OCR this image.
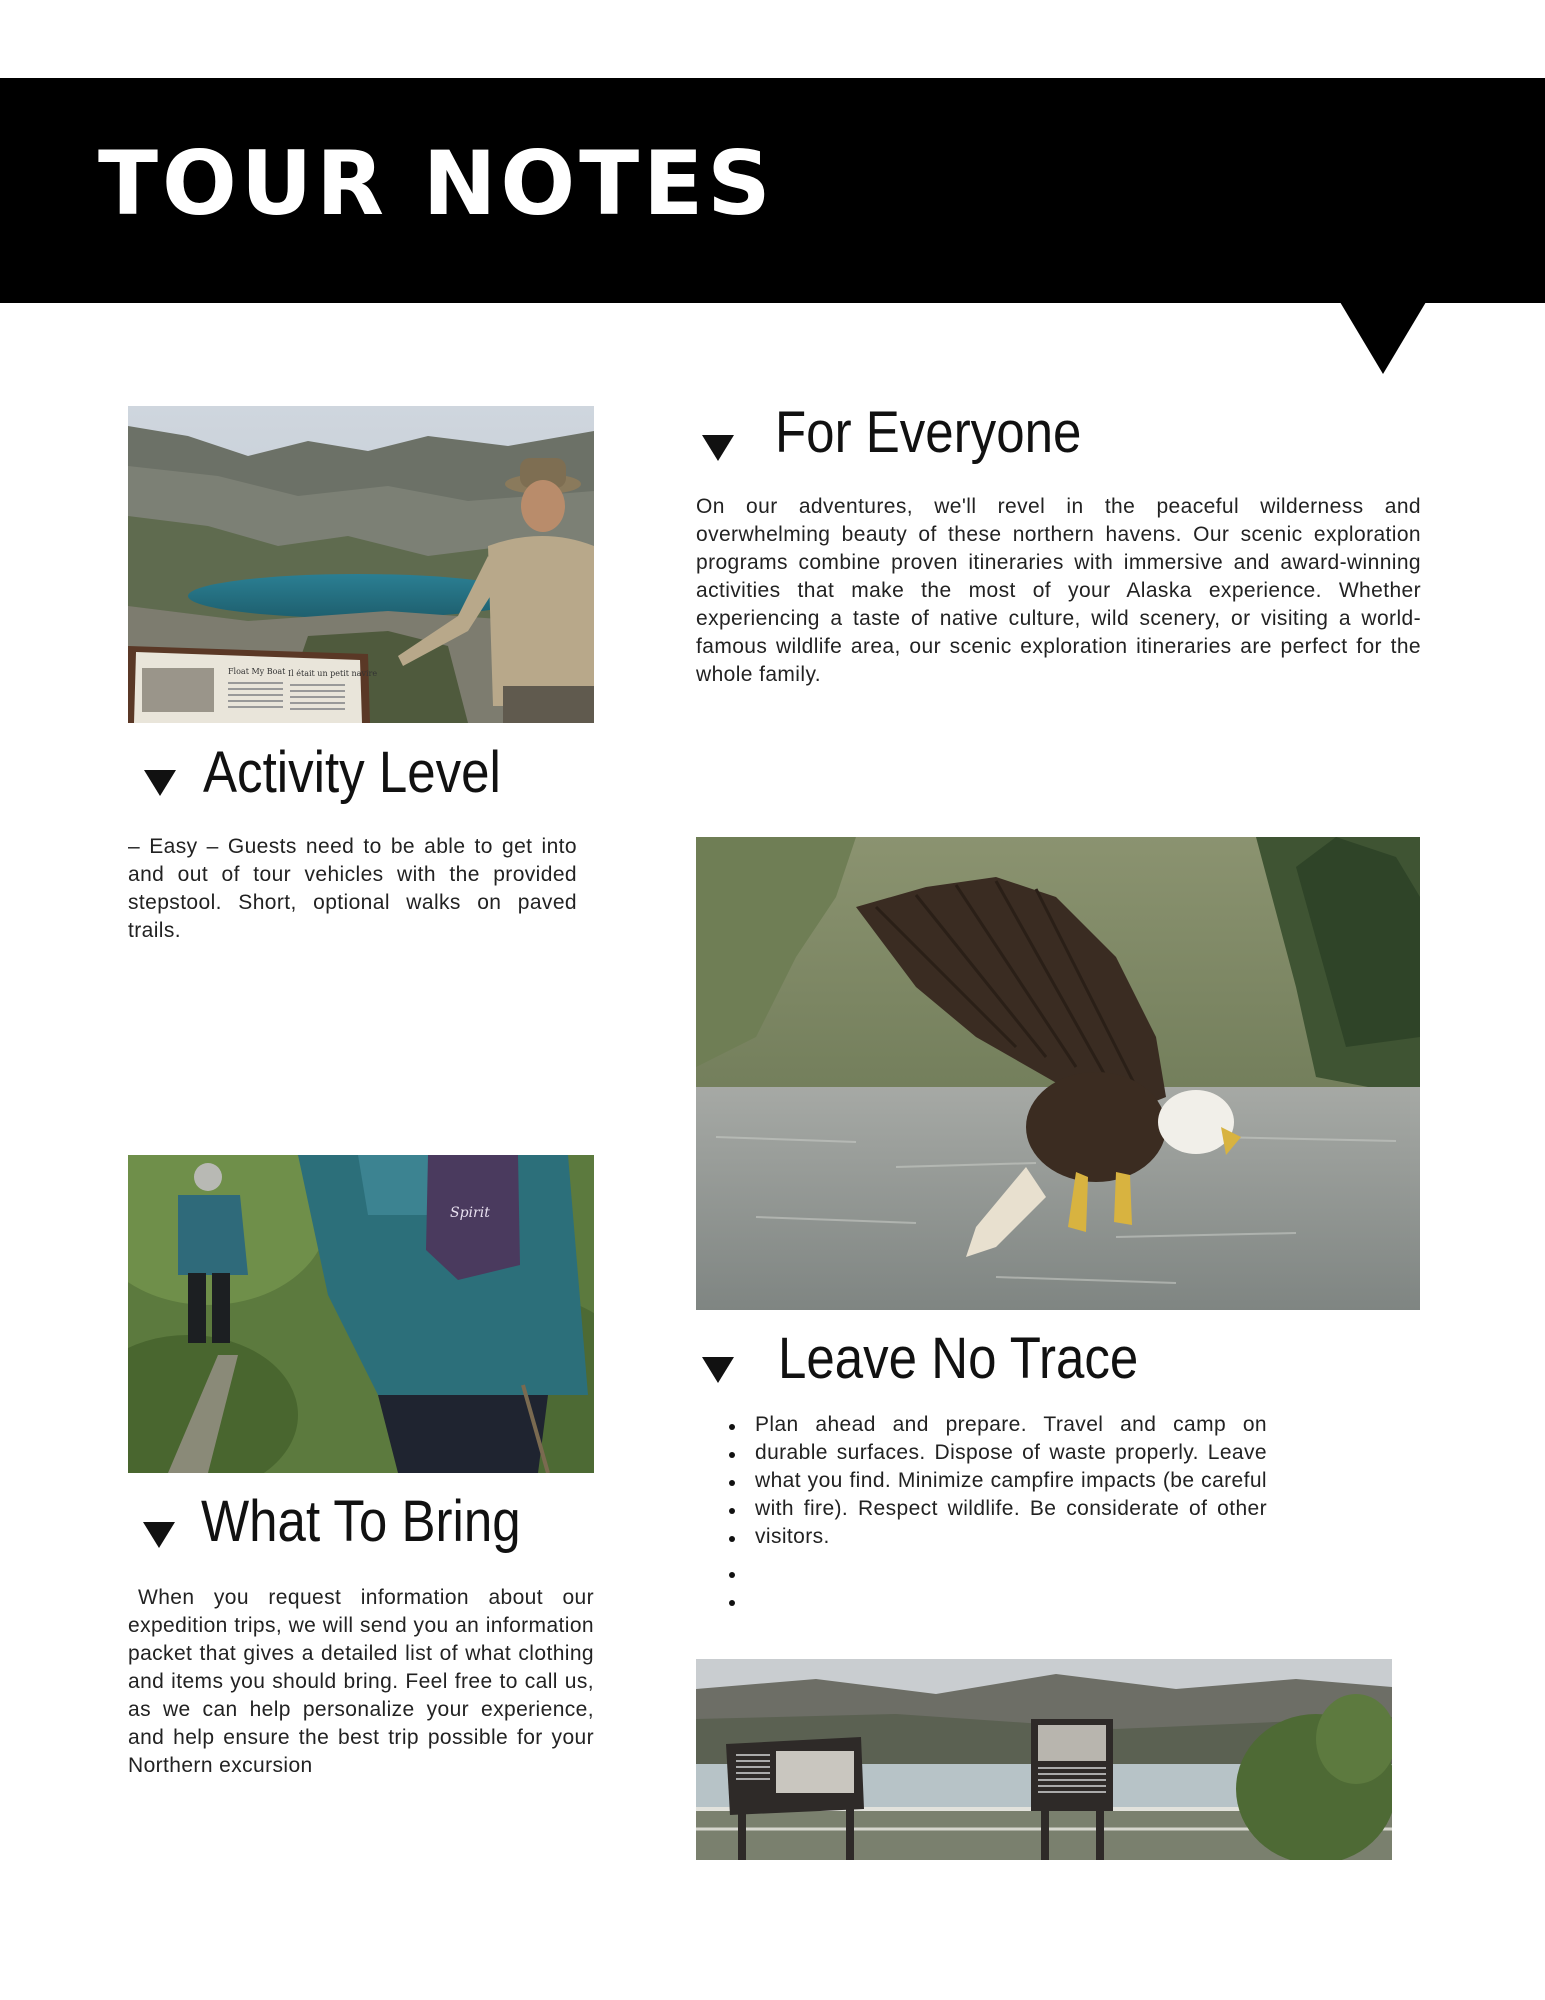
TOUR NOTES
Float My Boat Il était un petit navire
For Everyone
On our adventures, we'll revel in the peaceful wilderness and overwhelming beauty of these northern havens. Our scenic exploration programs combine proven itineraries with immersive and award-winning activities that make the most of your Alaska experience. Whether experiencing a taste of native culture, wild scenery, or visiting a world-famous wildlife area, our scenic exploration itineraries are perfect for the whole family.
Activity Level
– Easy – Guests need to be able to get into and out of tour vehicles with the provided stepstool. Short, optional walks on paved trails.
Spirit
Leave No Trace
Plan ahead and prepare. Travel and camp on durable surfaces. Dispose of waste properly. Leave what you find. Minimize campfire impacts (be careful with fire). Respect wildlife. Be considerate of other visitors.
What To Bring
When you request information about our expedition trips, we will send you an information packet that gives a detailed list of what clothing and items you should bring. Feel free to call us, as we can help personalize your experience, and help ensure the best trip possible for your Northern excursion
